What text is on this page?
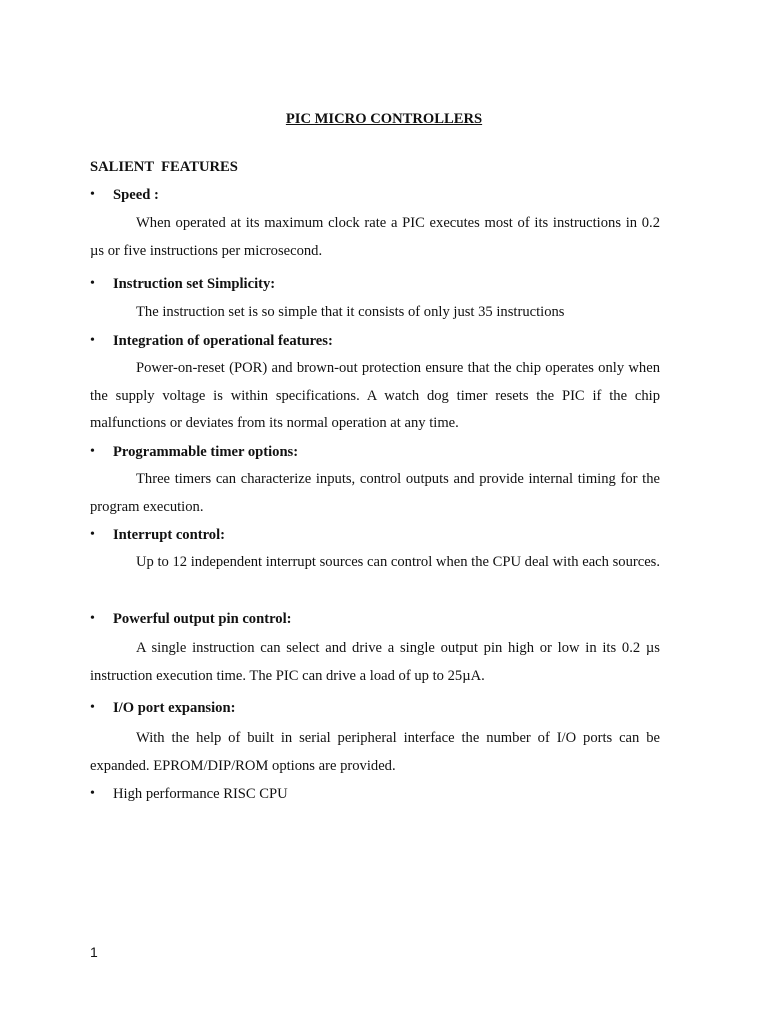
PIC MICRO CONTROLLERS
SALIENT  FEATURES
•	Speed :
When operated at its maximum clock rate a PIC executes most of its instructions in 0.2 µs or five instructions per microsecond.
•	Instruction set Simplicity:
The instruction set is so simple that it consists of only just 35 instructions
•	Integration of operational features:
Power-on-reset (POR) and brown-out protection ensure that the chip operates only when the supply voltage is within specifications. A watch dog timer resets the PIC if the chip malfunctions or deviates from its normal operation at any time.
•	Programmable timer options:
Three timers can characterize inputs, control outputs and provide internal timing for the program execution.
•	Interrupt control:
Up to 12 independent interrupt sources can control when the CPU deal with each sources.
•	Powerful output pin control:
A single instruction can select and drive a single output pin high or low in its 0.2 µs instruction execution time. The PIC can drive a load of up to 25µA.
•	I/O port expansion:
With the help of built in serial peripheral interface the number of I/O ports can be expanded. EPROM/DIP/ROM options are provided.
•	High performance RISC CPU
1
